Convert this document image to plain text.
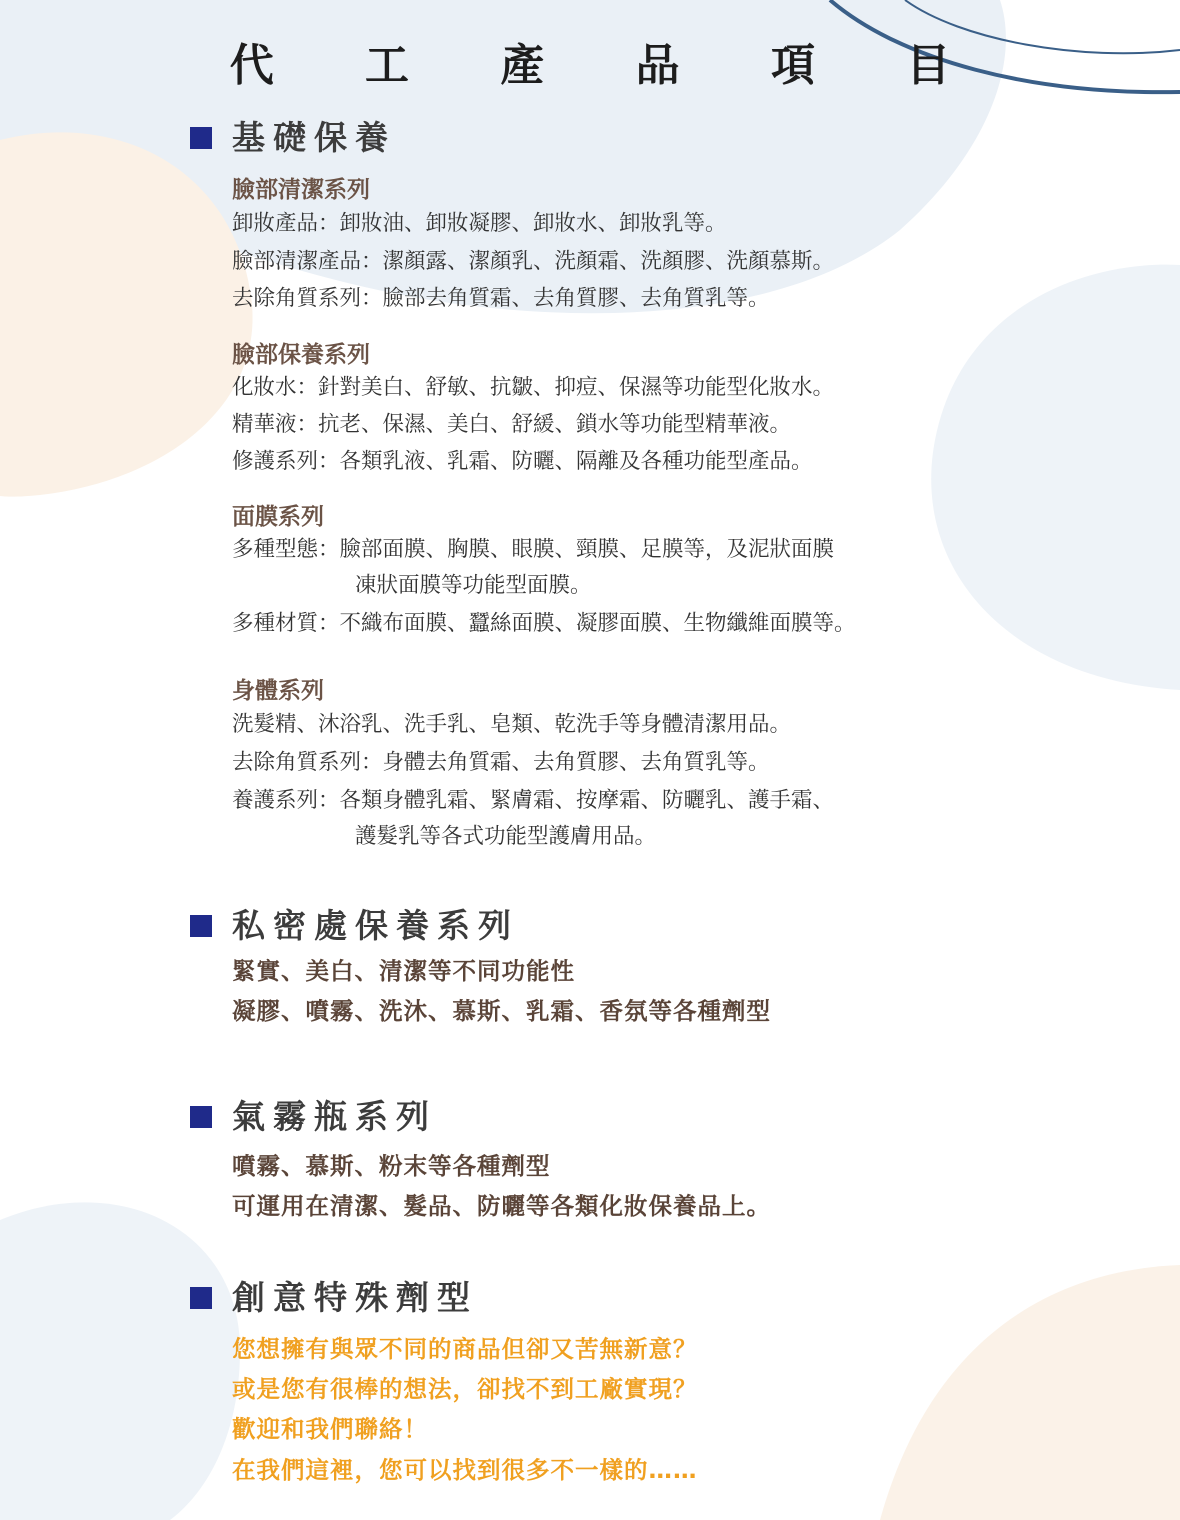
代 工 產 品 項 目
基礎保養
臉部清潔系列
卸妝產品：卸妝油、卸妝凝膠、卸妝水、卸妝乳等。
臉部清潔產品：潔顏露、潔顏乳、洗顏霜、洗顏膠、洗顏慕斯。
去除角質系列：臉部去角質霜、去角質膠、去角質乳等。
臉部保養系列
化妝水：針對美白、舒敏、抗皺、抑痘、保濕等功能型化妝水。
精華液：抗老、保濕、美白、舒緩、鎖水等功能型精華液。
修護系列：各類乳液、乳霜、防曬、隔離及各種功能型產品。
面膜系列
多種型態：臉部面膜、胸膜、眼膜、頸膜、足膜等，及泥狀面膜
凍狀面膜等功能型面膜。
多種材質：不織布面膜、蠶絲面膜、凝膠面膜、生物纖維面膜等。
身體系列
洗髮精、沐浴乳、洗手乳、皂類、乾洗手等身體清潔用品。
去除角質系列：身體去角質霜、去角質膠、去角質乳等。
養護系列：各類身體乳霜、緊膚霜、按摩霜、防曬乳、護手霜、
護髮乳等各式功能型護膚用品。
私密處保養系列
緊實、美白、清潔等不同功能性
凝膠、噴霧、洗沐、慕斯、乳霜、香氛等各種劑型
氣霧瓶系列
噴霧、慕斯、粉末等各種劑型
可運用在清潔、髮品、防曬等各類化妝保養品上。
創意特殊劑型
您想擁有與眾不同的商品但卻又苦無新意？
或是您有很棒的想法，卻找不到工廠實現？
歡迎和我們聯絡！
在我們這裡，您可以找到很多不一樣的……
